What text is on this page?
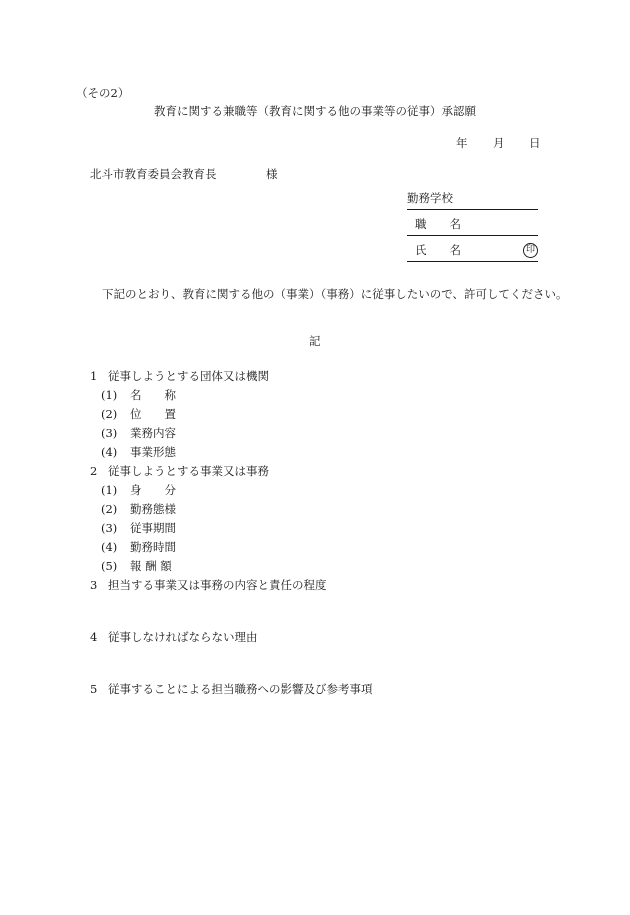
（その2）
教育に関する兼職等（教育に関する他の事業等の従事）承認願
年 月 日
北斗市教育委員会教育長	様
勤務学校
職　　名
氏　　名	印
下記のとおり、教育に関する他の（事業）（事務）に従事したいので、許可してください。
記
1 従事しようとする団体又は機関
(1) 名　　称
(2) 位　　置
(3) 業務内容
(4) 事業形態
2 従事しようとする事業又は事務
(1) 身　　分
(2) 勤務態様
(3) 従事期間
(4) 勤務時間
(5) 報 酬 額
3 担当する事業又は事務の内容と責任の程度
4 従事しなければならない理由
5 従事することによる担当職務への影響及び参考事項
